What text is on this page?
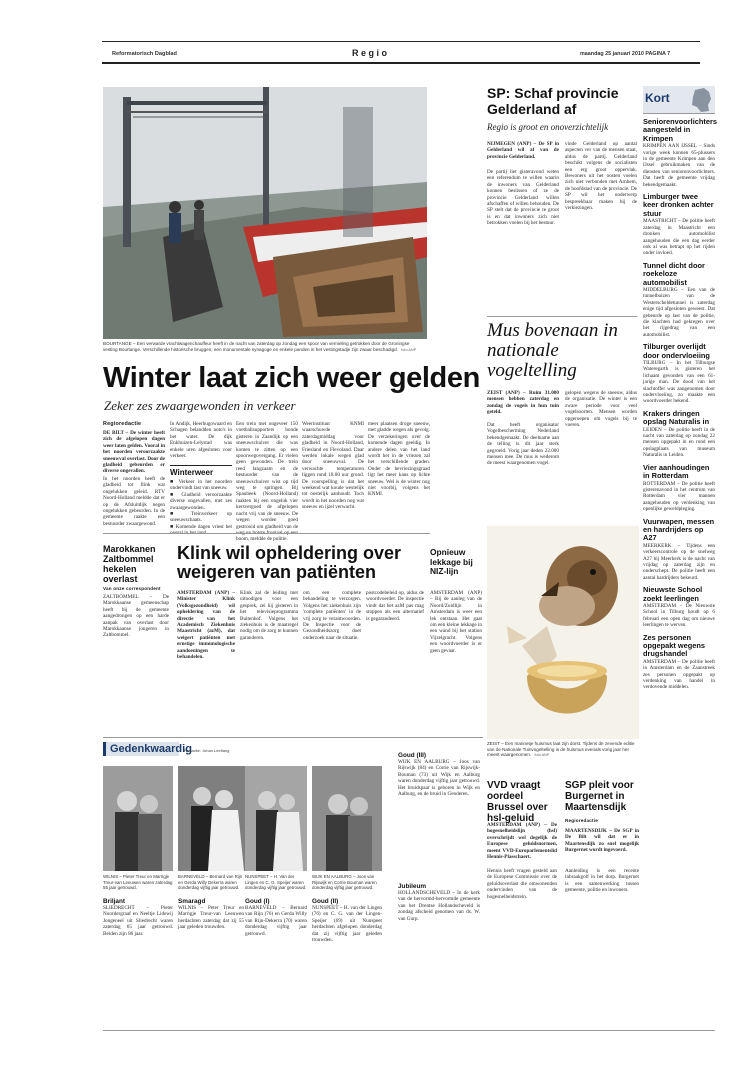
Reformatorisch Dagblad	R e g i o	maandag 25 januari 2010 PAGINA 7
BOURTANGE – Een verwarde vrachtwagenchauffeur heeft in de nacht van zaterdag op zondag een spoor van vernieling getrokken door de Groningse vesting Bourtange. Verschillende historische bruggen, een monumentale synagoge en enkele panden in het vestingstadje zijn zwaar beschadigd. foto ANP
Winter laat zich weer gelden
Zeker zes zwaargewonden in verkeer
Regioredactie
DE BILT – De winter heeft zich de afgelopen dagen weer laten gelden. Vooral in het noorden veroorzaakte sneeuwval overlast. Door de gladheid gebeurden er diverse ongevallen.
In het noorden heeft de gladheid tot flink wat ongelukken geleid. RTV Noord-Holland meldde dat er op de Afsluitdijk negen ongelukken gebeurden. In de gemeente raakte een bestuurder zwaargewond.
In Andijk, Heerhugowaard en Schagen belandden auto's in het water. De dijk Enkhuizen-Lelystad was enkele uren afgesloten voor verkeer.
Winterweer
■ Verkeer in het noorden ondervindt last van sneeuw.
■ Gladheid veroorzaakte diverse ongevallen, met zes zwaargewonden.
■ Treinverkeer op sneeuwschaats.
■ Komende dagen vriest het
Een trein met ongeveer 150 voetballsupporters bonde gisteren in Zaandijk op een sneeuwschuiver die was komen te zitten op een spoorwegovergang. Er vielen geen gewonden. De trein reed langzaam en de bestuurder van de sneeuwschuiver wist op tijd weg te springen. Bij Spaubeek (Noord-Holland) raakten bij een ongeluk vier kersvergoed de afgelopen nacht vrij van de sneeuw. De wegen worden goed gestrooid om gladheid van de boom, meldde de politie.
Weerinstituut KNMI waarschuwde zaterdagmiddag voor gladheid in Noord-Holland, Friesland en Flevoland. Daar werden lokale wegen glad door sneeuwval. De verwachte temperaturen liggen rond 18.00 uur grond. De voorspelling is dat het weekend wat koude westelijk tot oostelijk aanhoudt. Toch wordt in het noorden nog wat sneeuw en ijzel verwacht.
meer plaatsen droge sneeuw, met gladde wegen als gevolg. De verzekeringen over de komende dagen geeldig. In andere delen van het land wordt het in de vriezen zal het verschillende graden. Onder de bevriezingsgraad ligt het meer kans op lichte sneeuw. Wel is de winter nog niet voorbij, volgens het KNMI.
SP: Schaf provincie Gelderland af
Regio is groot en onoverzichtelijk
NIJMEGEN (ANP) – De SP in Gelderland wil af van de provincie Gelderland.
De partij liet gisteravond weten een referendum te willen waarin de inwoners van Gelderland konnen beslissen of ze de provincie Gelderland willen afschaffen of willen behouden. De SP stelt dat de provincie te groot is en dat inwoners zich niet betrokken voelen bij het bestuur.
vinde Gelderland op aantal aspecten ver van de mensen staat, aldus de partij. Gelderland beschikt volgens de socialisten een erg groot oppervlak. Bewoners uit het oosten voelen zich niet verbonden met Arnhem, de hoofdstad van de provincie. De SP wil het onderwerp bespreekbaar maken bij de verkiezingen.
Mus bovenaan in nationale vogeltelling
ZEIST (ANP) – Ruim 31.000 mensen hebben zaterdag en zondag de vogels in hun tuin geteld.
Dat heeft organisator Vogelbescherming Nederland bekendgemaakt. De deelname aan de telling is dit jaar sterk gegroeid. Vorig jaar deden 22.000 mensen mee. De mus is wederom de meest waargenomen vogel.
gelopen wegens de sneeuw, aldus de organisatie. De winter is een zware periode voor veel vogelsoorten. Mensen worden opgeroepen om vogels bij te voeren.
ZEIST – Een mannetje huismus laat zijn dorst. Tijdens de zevende editie van de Nationale Tuinvogeltelling is de huismus evenals vorig jaar het meest waargenomen. foto ANP
Kort
Seniorenvoorlichters aangesteld in Krimpen
KRIMPEN AAN IJSSEL – Sinds vorige week kunnen 65-plussers in de gemeente Krimpen aan den IJssel gebruikmaken van de diensten van seniorenvoorlichters. Dat heeft de gemeente vrijdag bekendgemaakt.
Limburger twee keer dronken achter stuur
MAASTRICHT – De politie heeft zaterdag in Maastricht een dronken automobilist aangehouden die een dag eerder ook al was betrapt op het rijden onder invloed.
Tunnel dicht door roekeloze automobilist
MIDDELBURG – Een van de tunnelbuizen van de Westerscheldetunnel is zaterdag enige tijd afgesloten geweest. Dat gebeurde op last van de politie, die klachten had gekregen over het rijgedrag van een automobilist.
Tilburger overlijdt door ondervloeiing
TILBURG – In het Tilburgse Wateregarth is gisteren het lichaam gevonden van een 61-jarige man. De dood van het slachtoffer was aangenomen door ondervloeiing, zo maakte een woordvoerder bekend.
Krakers dringen opslag Naturalis in
LEIDEN – De politie heeft in de nacht van zaterdag op zondag 22 mensen opgepakt in en rond een opslagplaats van museum Naturalis in Leiden.
Vier aanhoudingen in Rotterdam
ROTTERDAM – De politie heeft gisterenavond in het centrum van Rotterdam vier mannen aangehouden op verdenking van openlijke geweldpleging.
Vuurwapen, messen en hardrijders op A27
MEERKERK – Tijdens een verkeerscontrole op de snelweg A27 bij Meerkerk is de nacht van vrijdag op zaterdag zijn en onderschept. De politie heeft een aantal hardrijders bekeurd.
Nieuwste School zoekt leerlingen
AMSTERDAM – De Nieuwste School in Tilburg houdt op 6 februari een open dag om nieuwe leerlingen te werven.
Zes personen opgepakt wegens drugshandel
AMSTERDAM – De politie heeft in Amsterdam en de Zaanstreek zes personen opgepakt op verdenking van handel in verdovende middelen.
Marokkanen Zaltbommel hekelen overlast
Van onze correspondent
ZALTBOMMEL – De Marokkaanse gemeenschap heeft bij de gemeente aangedrongen op een harde aanpak van overlast door Marokkaanse jongeren in Zaltbommel.
Klink wil opheldering over weigeren van patiënten
AMSTERDAM (ANP) – Minister Klink (Volksgezondheid) wil opheldering van de directie van het Academisch Ziekenhuis Maastricht (azM), dat weigert patiënten met ernstige immunologische aandoeningen te behandelen.
Klink zal de leiding met uitnodigen voor een gesprek, zei hij gisteren in het televisieprogramma Buitenhof. Volgens het ziekenhuis is de maatregel nodig om de zorg te kunnen garanderen.
om een complete behandeling te verzorgen. Volgens het ziekenhuis zijn 'complete patiënten' in de vrij zorg te verantwoorden. De Inspectie voor de Gezondheidszorg doet onderzoek naar de situatie.
postcodebeleid op, aldus de woordvoerder. De inspectie vindt dat het azM pas mag stoppen als een alternatief is gegarandeerd.
Opnieuw lekkage bij NIZ-lijn
AMSTERDAM (ANP) – Bij de aanleg van de Noord/Zuidlijn in Amsterdam is weer een lek ontstaan. Het gaat om een kleine lekkage in een wand bij het station Vijzelgracht. Volgens een woordvoerder is er geen gevaar.
Gedenkwaardig
Redactie: Johan Leeflang
WILNIS – Pieter Treur en Marrigje Treur-van Leeuwen waren zaterdag 55 jaar getrouwd.
BARNEVELD – Bernard van Rijn en Gerda Willy Dekerra waren donderdag vijftig jaar getrouwd.
NUNSPEET – H. Van der Lingen en C. G. Speijer waren donderdag vijftig jaar getrouwd.
WIJK EN AALBURG – Joos van Rijswijk en Corrie Bouman waren donderdag vijftig jaar getrouwd.
Briljant
SLIEDRECHT – Pieter Noordergraaf en Neeltje Lidewij Jongeneel uit Sliedrecht waren zaterdag 65 jaar getrouwd. Beiden zijn 86 jaar.
Smaragd
WILNIS – Peter Treur en Marrigje Treur-van Leeuwen herdachten zaterdag dat zij 55 jaar geleden trouwden.
Goud (I)
BARNEVELD – Bernard van Rijn (76) en Gerda Willy van Rijn-Dekerra (70) waren donderdag vijftig jaar getrouwd.
Goud (II)
NUNSPEET – H. van der Lingen (76) en C. G. van der Lingen-Speijer (69) uit Nunspeet herdachten afgelopen donderdag dat zij vijftig jaar geleden trouwden.
Goud (III)
WIJK EN AALBURG – Joos van Rijswijk (84) en Corrie van Rijswijk-Bouman (73) uit Wijk en Aalburg waren donderdag vijftig jaar getrouwd. Het bruidspaar is geboren in Wijk en Aalburg, en de bruid in Genderen.
Jubileum
HOLLANDSCHEVELD – In de kerk van de hervormd-hervormde gemeente van het Drentse Hollandscheveld is zondag afscheid genomen van ds. W. van Gurp.
VVD vraagt oordeel Brussel over hsl-geluid
AMSTERDAM (ANP) – De hogesnelheidslijn (hsl) overschrijdt wel degelijk de Europese geluidsnormen, meent VVD-Europarlementslid Hennis-Plasschaert.
Hennis heeft vragen gesteld aan de Europese Commissie over de geluidsoverlast die omwonenden ondervinden van de hogesnelheidstrein.
SGP pleit voor Burgernet in Maartensdijk
Regioredactie
MAARTENSDIJK – De SGP in De Bilt wil dat er in Maartensdijk zo snel mogelijk Burgernet wordt ingevoerd.
Aanleiding is een recente inbraakgolf in het dorp. Burgernet is een samenwerking tussen gemeente, politie en inwoners.
